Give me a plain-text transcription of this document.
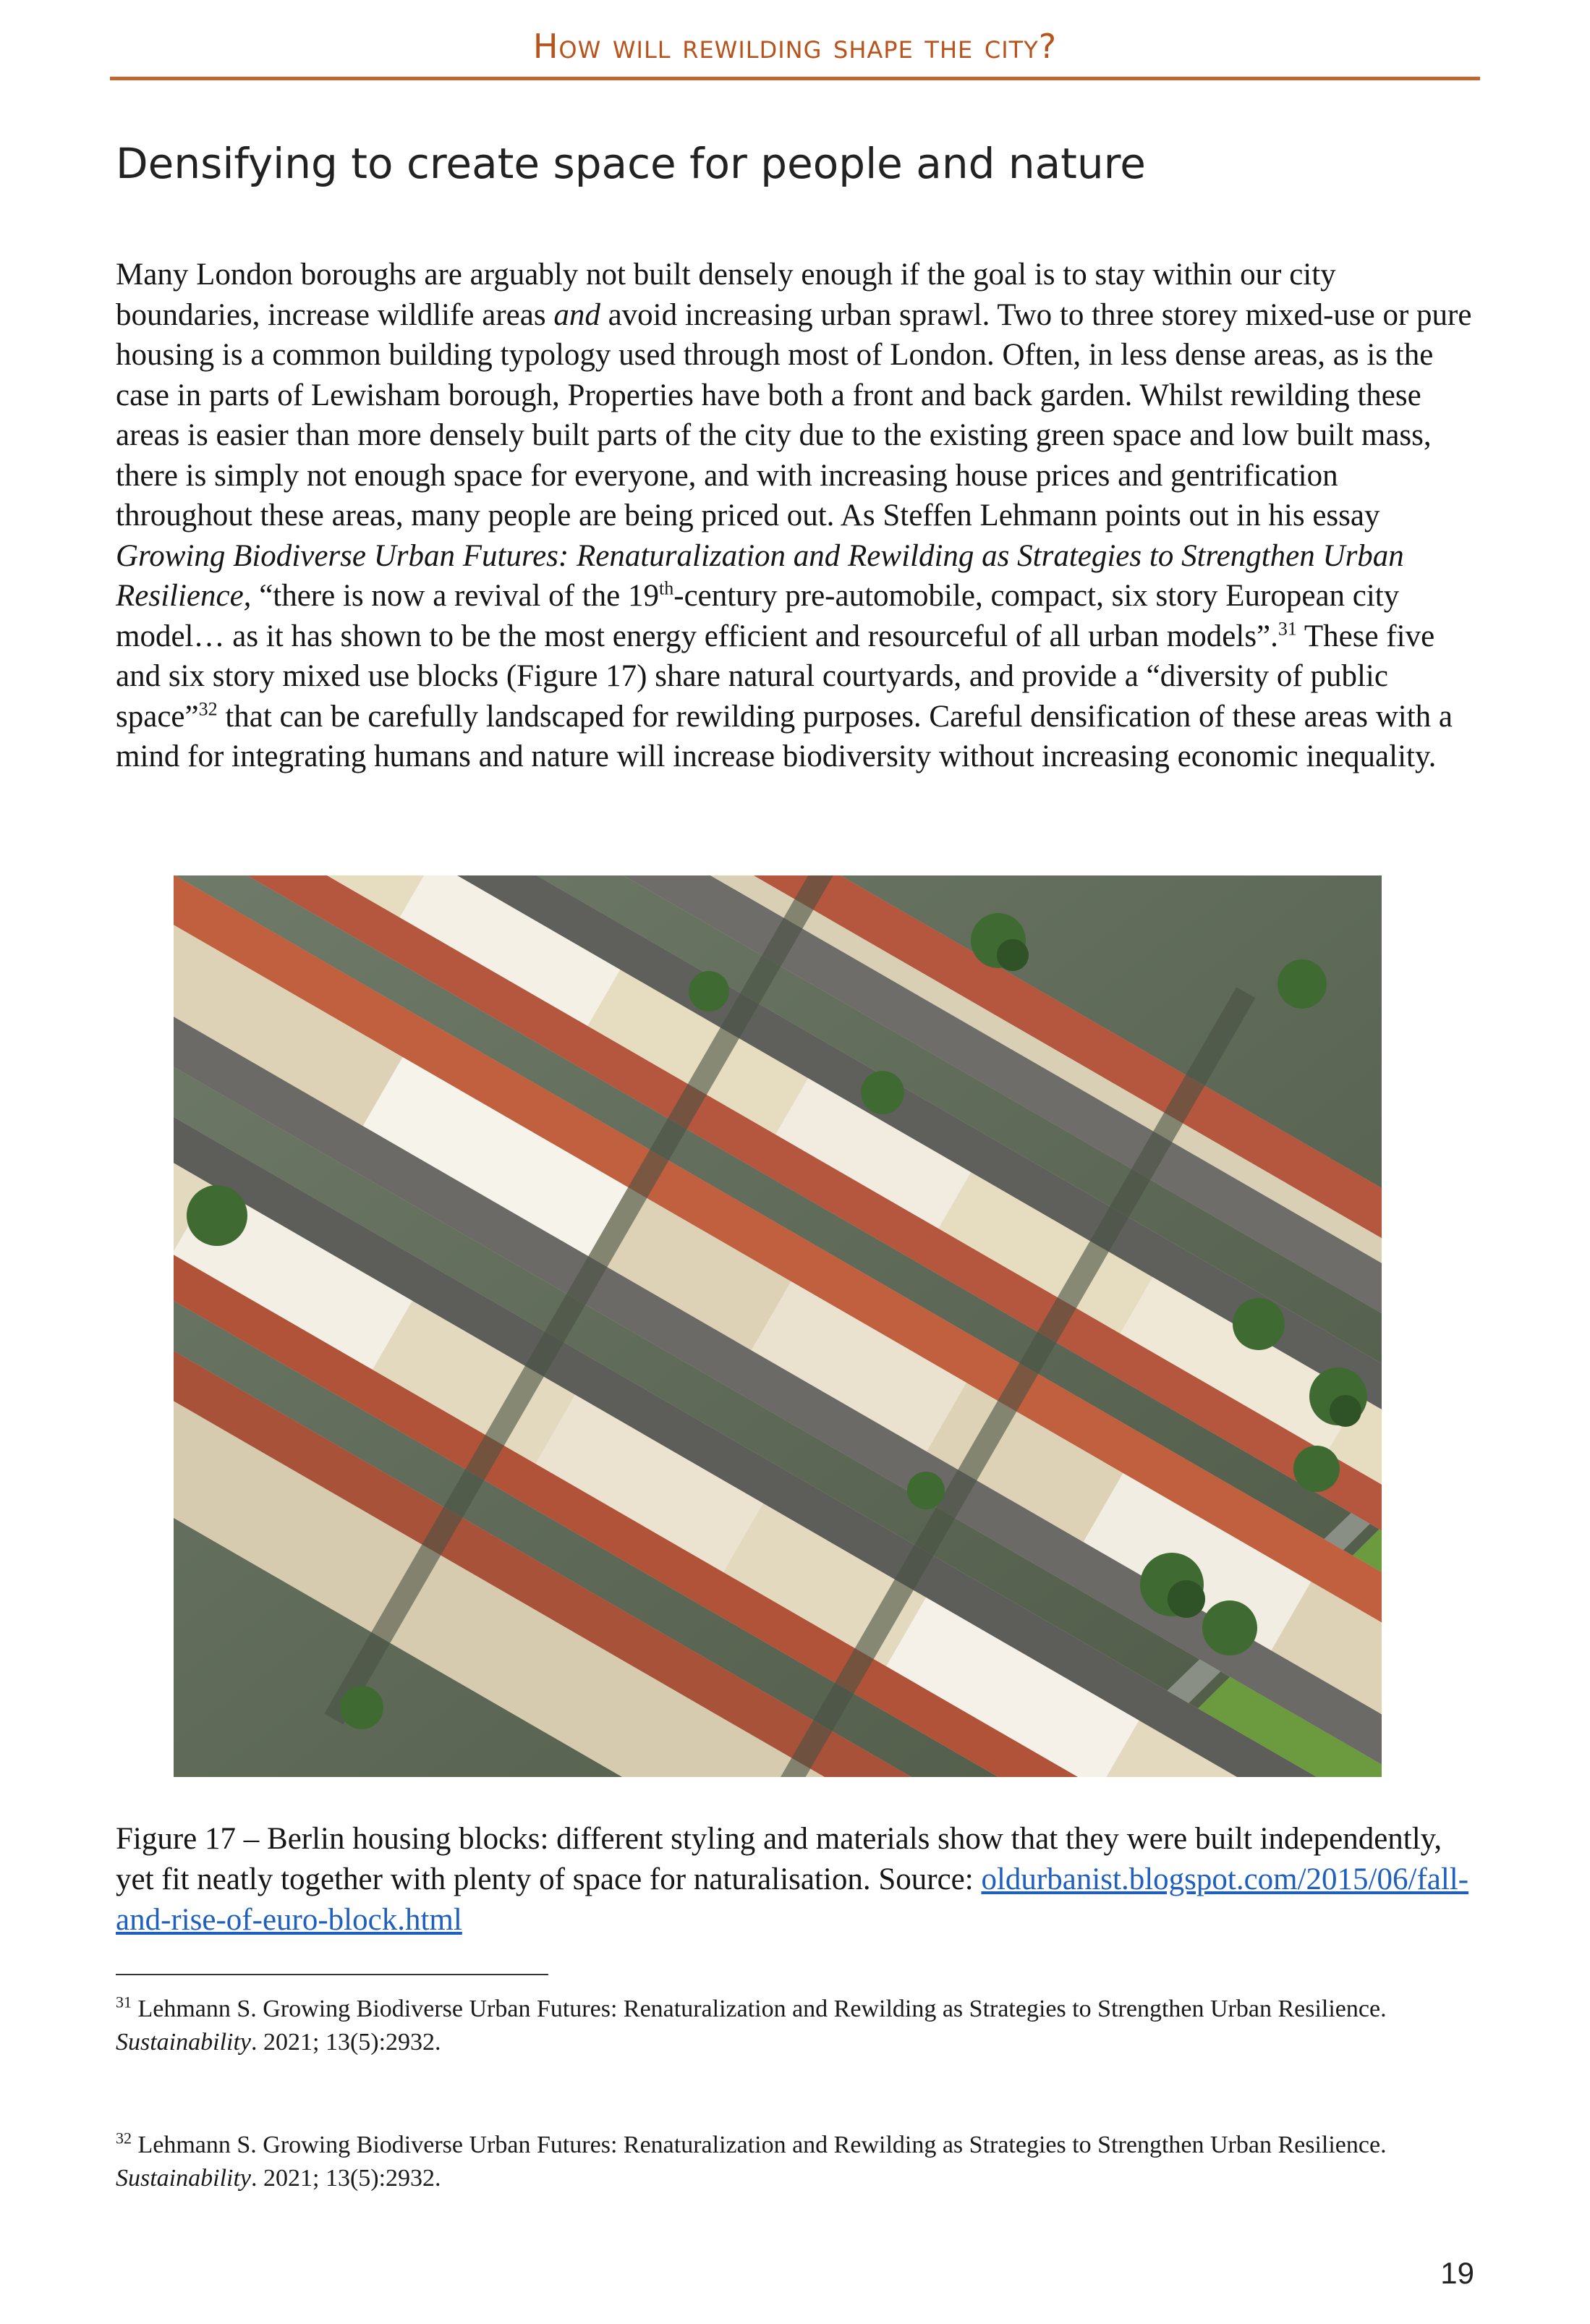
How will rewilding shape the city?
Densifying to create space for people and nature

Many London boroughs are arguably not built densely enough if the goal is to stay within our city boundaries, increase wildlife areas and avoid increasing urban sprawl. Two to three storey mixed-use or pure housing is a common building typology used through most of London. Often, in less dense areas, as is the case in parts of Lewisham borough, Properties have both a front and back garden. Whilst rewilding these areas is easier than more densely built parts of the city due to the existing green space and low built mass, there is simply not enough space for everyone, and with increasing house prices and gentrification throughout these areas, many people are being priced out. As Steffen Lehmann points out in his essay Growing Biodiverse Urban Futures: Renaturalization and Rewilding as Strategies to Strengthen Urban Resilience, “there is now a revival of the 19th-century pre-automobile, compact, six story European city model… as it has shown to be the most energy efficient and resourceful of all urban models”.$^{31}$ These five and six story mixed use blocks (Figure 17) share natural courtyards, and provide a “diversity of public space”$^{32}$ that can be carefully landscaped for rewilding purposes. Careful densification of these areas with a mind for integrating humans and nature will increase biodiversity without increasing economic inequality.

Figure 17 – Berlin housing blocks: different styling and materials show that they were built independently, yet fit neatly together with plenty of space for naturalisation. Source: oldurbanist.blogspot.com/2015/06/fall-and-rise-of-euro-block.html

$^{31}$ Lehmann S. Growing Biodiverse Urban Futures: Renaturalization and Rewilding as Strategies to Strengthen Urban Resilience. Sustainability. 2021; 13(5):2932.

$^{32}$ Lehmann S. Growing Biodiverse Urban Futures: Renaturalization and Rewilding as Strategies to Strengthen Urban Resilience. Sustainability. 2021; 13(5):2932.

19
